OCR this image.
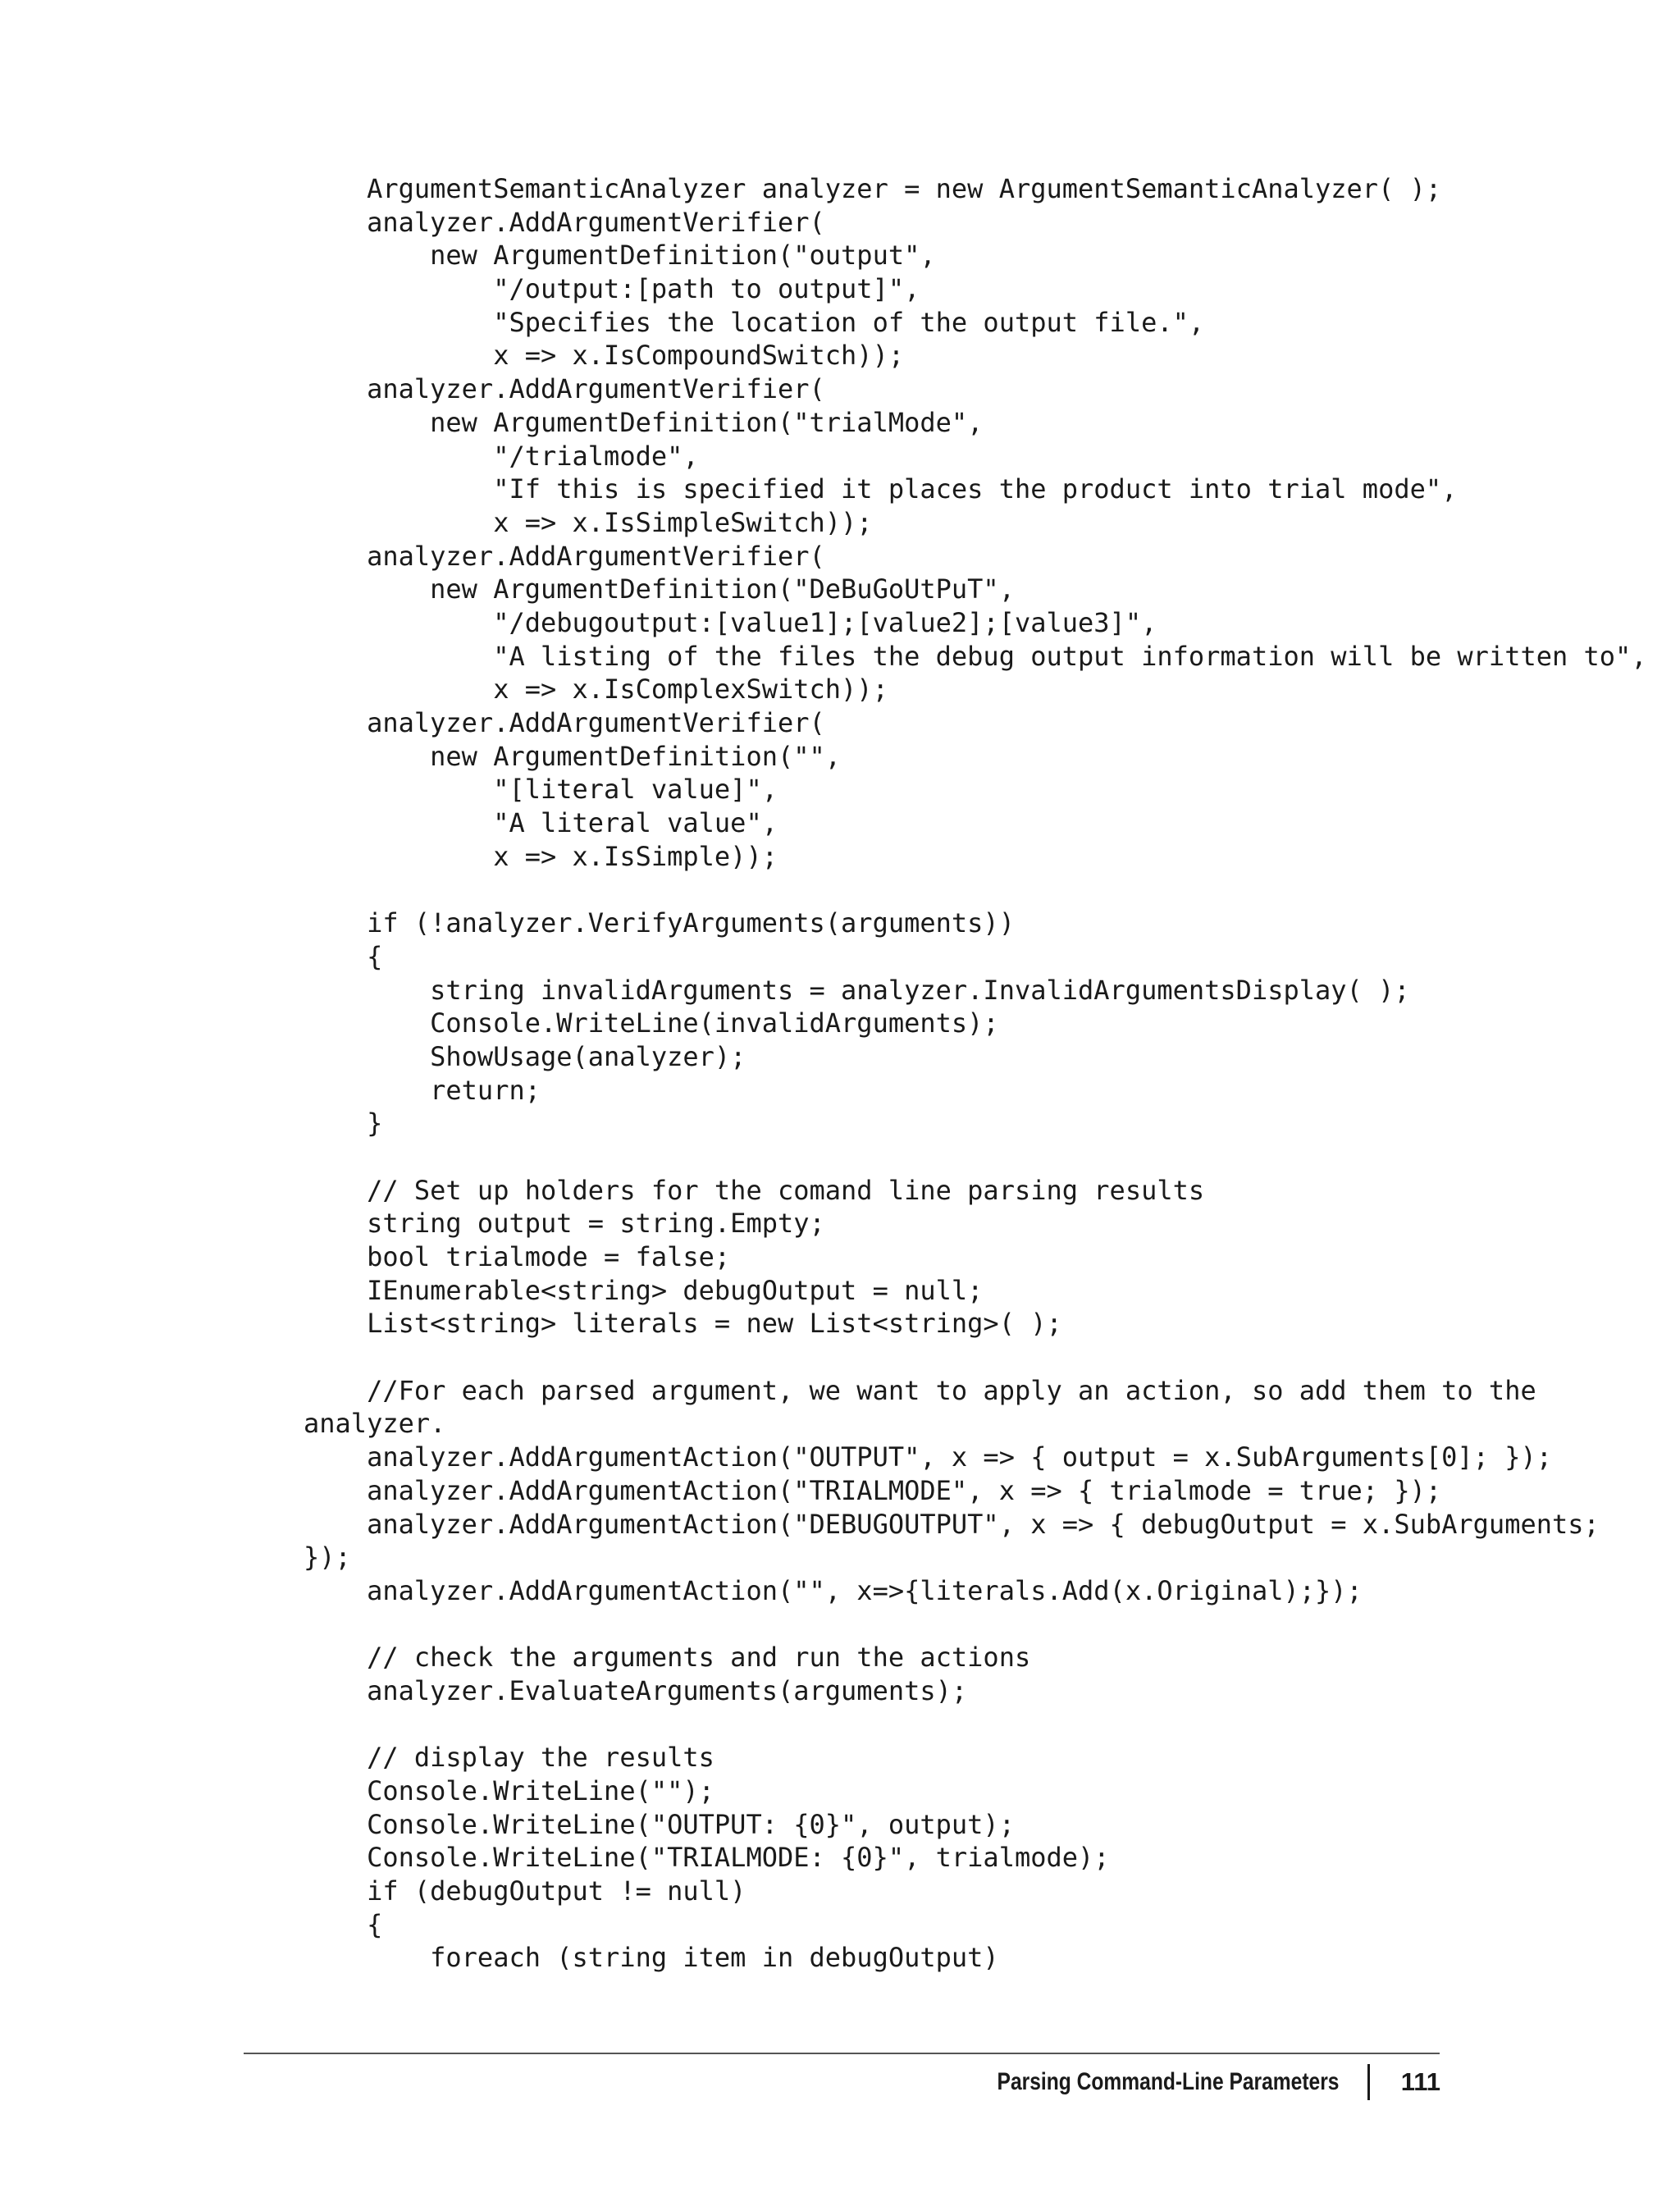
ArgumentSemanticAnalyzer analyzer = new ArgumentSemanticAnalyzer( );
analyzer.AddArgumentVerifier(
new ArgumentDefinition("output",
"/output:[path to output]",
"Specifies the location of the output file.",
x => x.IsCompoundSwitch));
analyzer.AddArgumentVerifier(
new ArgumentDefinition("trialMode",
"/trialmode",
"If this is specified it places the product into trial mode",
x => x.IsSimpleSwitch));
analyzer.AddArgumentVerifier(
new ArgumentDefinition("DeBuGoUtPuT",
"/debugoutput:[value1];[value2];[value3]",
"A listing of the files the debug output information will be written to",
x => x.IsComplexSwitch));
analyzer.AddArgumentVerifier(
new ArgumentDefinition("",
"[literal value]",
"A literal value",
x => x.IsSimple));
if (!analyzer.VerifyArguments(arguments))
{
string invalidArguments = analyzer.InvalidArgumentsDisplay( );
Console.WriteLine(invalidArguments);
ShowUsage(analyzer);
return;
}
// Set up holders for the comand line parsing results
string output = string.Empty;
bool trialmode = false;
IEnumerable<string> debugOutput = null;
List<string> literals = new List<string>( );
//For each parsed argument, we want to apply an action, so add them to the
analyzer.
analyzer.AddArgumentAction("OUTPUT", x => { output = x.SubArguments[0]; });
analyzer.AddArgumentAction("TRIALMODE", x => { trialmode = true; });
analyzer.AddArgumentAction("DEBUGOUTPUT", x => { debugOutput = x.SubArguments;
});
analyzer.AddArgumentAction("", x=>{literals.Add(x.Original);});
// check the arguments and run the actions
analyzer.EvaluateArguments(arguments);
// display the results
Console.WriteLine("");
Console.WriteLine("OUTPUT: {0}", output);
Console.WriteLine("TRIALMODE: {0}", trialmode);
if (debugOutput != null)
{
foreach (string item in debugOutput)
Parsing Command-Line Parameters 111
